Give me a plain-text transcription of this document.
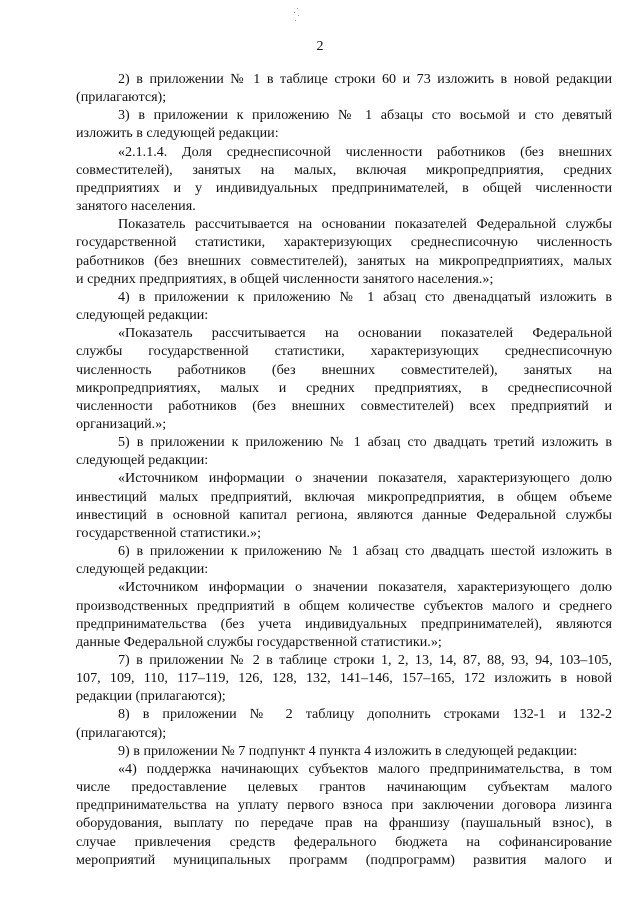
2
2) в приложении № 1 в таблице строки 60 и 73 изложить в новой редакции
(прилагаются);
3) в приложении к приложению № 1 абзацы сто восьмой и сто девятый
изложить в следующей редакции:
«2.1.1.4. Доля среднесписочной численности работников (без внешних
совместителей), занятых на малых, включая микропредприятия, средних
предприятиях и у индивидуальных предпринимателей, в общей численности
занятого населения.
Показатель рассчитывается на основании показателей Федеральной службы
государственной статистики, характеризующих среднесписочную численность
работников (без внешних совместителей), занятых на микропредприятиях, малых
и средних предприятиях, в общей численности занятого населения.»;
4) в приложении к приложению № 1 абзац сто двенадцатый изложить в
следующей редакции:
«Показатель рассчитывается на основании показателей Федеральной
службы государственной статистики, характеризующих среднесписочную
численность работников (без внешних совместителей), занятых на
микропредприятиях, малых и средних предприятиях, в среднесписочной
численности работников (без внешних совместителей) всех предприятий и
организаций.»;
5) в приложении к приложению № 1 абзац сто двадцать третий изложить в
следующей редакции:
«Источником информации о значении показателя, характеризующего долю
инвестиций малых предприятий, включая микропредприятия, в общем объеме
инвестиций в основной капитал региона, являются данные Федеральной службы
государственной статистики.»;
6) в приложении к приложению № 1 абзац сто двадцать шестой изложить в
следующей редакции:
«Источником информации о значении показателя, характеризующего долю
производственных предприятий в общем количестве субъектов малого и среднего
предпринимательства (без учета индивидуальных предпринимателей), являются
данные Федеральной службы государственной статистики.»;
7) в приложении № 2 в таблице строки 1, 2, 13, 14, 87, 88, 93, 94, 103–105,
107, 109, 110, 117–119, 126, 128, 132, 141–146, 157–165, 172 изложить в новой
редакции (прилагаются);
8) в приложении № 2 таблицу дополнить строками 132-1 и 132-2
(прилагаются);
9) в приложении № 7 подпункт 4 пункта 4 изложить в следующей редакции:
«4) поддержка начинающих субъектов малого предпринимательства, в том
числе предоставление целевых грантов начинающим субъектам малого
предпринимательства на уплату первого взноса при заключении договора лизинга
оборудования, выплату по передаче прав на франшизу (паушальный взнос), в
случае привлечения средств федерального бюджета на софинансирование
мероприятий муниципальных программ (подпрограмм) развития малого и
